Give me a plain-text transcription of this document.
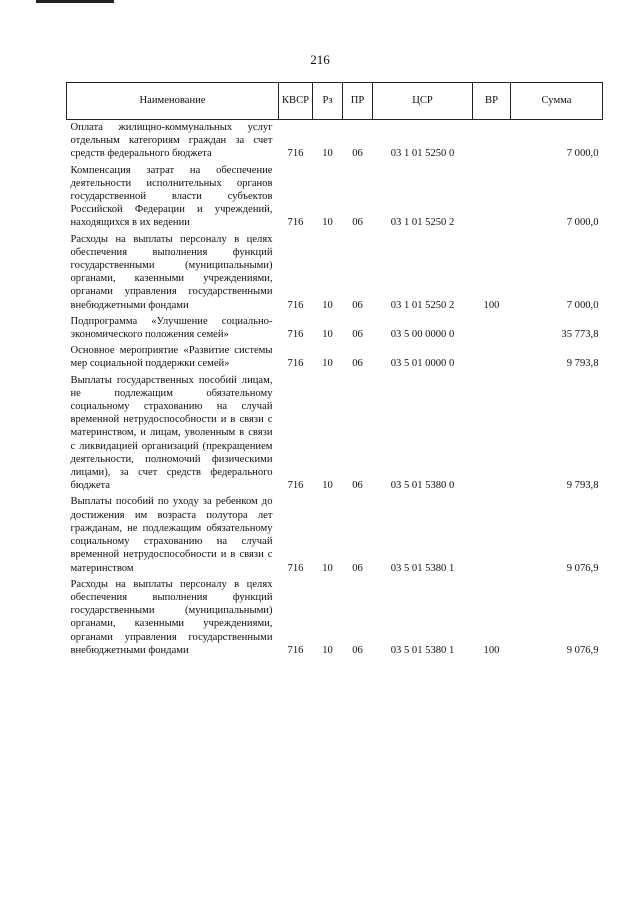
216
Наименование	КВСР	Рз	ПР	ЦСР	ВР	Сумма
Оплата жилищно-коммунальных услуг отдельным категориям граждан за счет средств федерального бюджета	716	10	06	03 1 01 5250 0		7 000,0
Компенсация затрат на обеспечение деятельности исполнительных органов государственной власти субъектов Российской Федерации и учреждений, находящихся в их ведении	716	10	06	03 1 01 5250 2		7 000,0
Расходы на выплаты персоналу в целях обеспечения выполнения функций государственными (муниципальными) органами, казенными учреждениями, органами управления государственными внебюджетными фондами	716	10	06	03 1 01 5250 2	100	7 000,0
Подпрограмма «Улучшение социально-экономического положения семей»	716	10	06	03 5 00 0000 0		35 773,8
Основное мероприятие «Развитие системы мер социальной поддержки семей»	716	10	06	03 5 01 0000 0		9 793,8
Выплаты государственных пособий лицам, не подлежащим обязательному социальному страхованию на случай временной нетрудоспособности и в связи с материнством, и лицам, уволенным в связи с ликвидацией организаций (прекращением деятельности, полномочий физическими лицами), за счет средств федерального бюджета	716	10	06	03 5 01 5380 0		9 793,8
Выплаты пособий по уходу за ребенком до достижения им возраста полутора лет гражданам, не подлежащим обязательному социальному страхованию на случай временной нетрудоспособности и в связи с материнством	716	10	06	03 5 01 5380 1		9 076,9
Расходы на выплаты персоналу в целях обеспечения выполнения функций государственными (муниципальными) органами, казенными учреждениями, органами управления государственными внебюджетными фондами	716	10	06	03 5 01 5380 1	100	9 076,9
